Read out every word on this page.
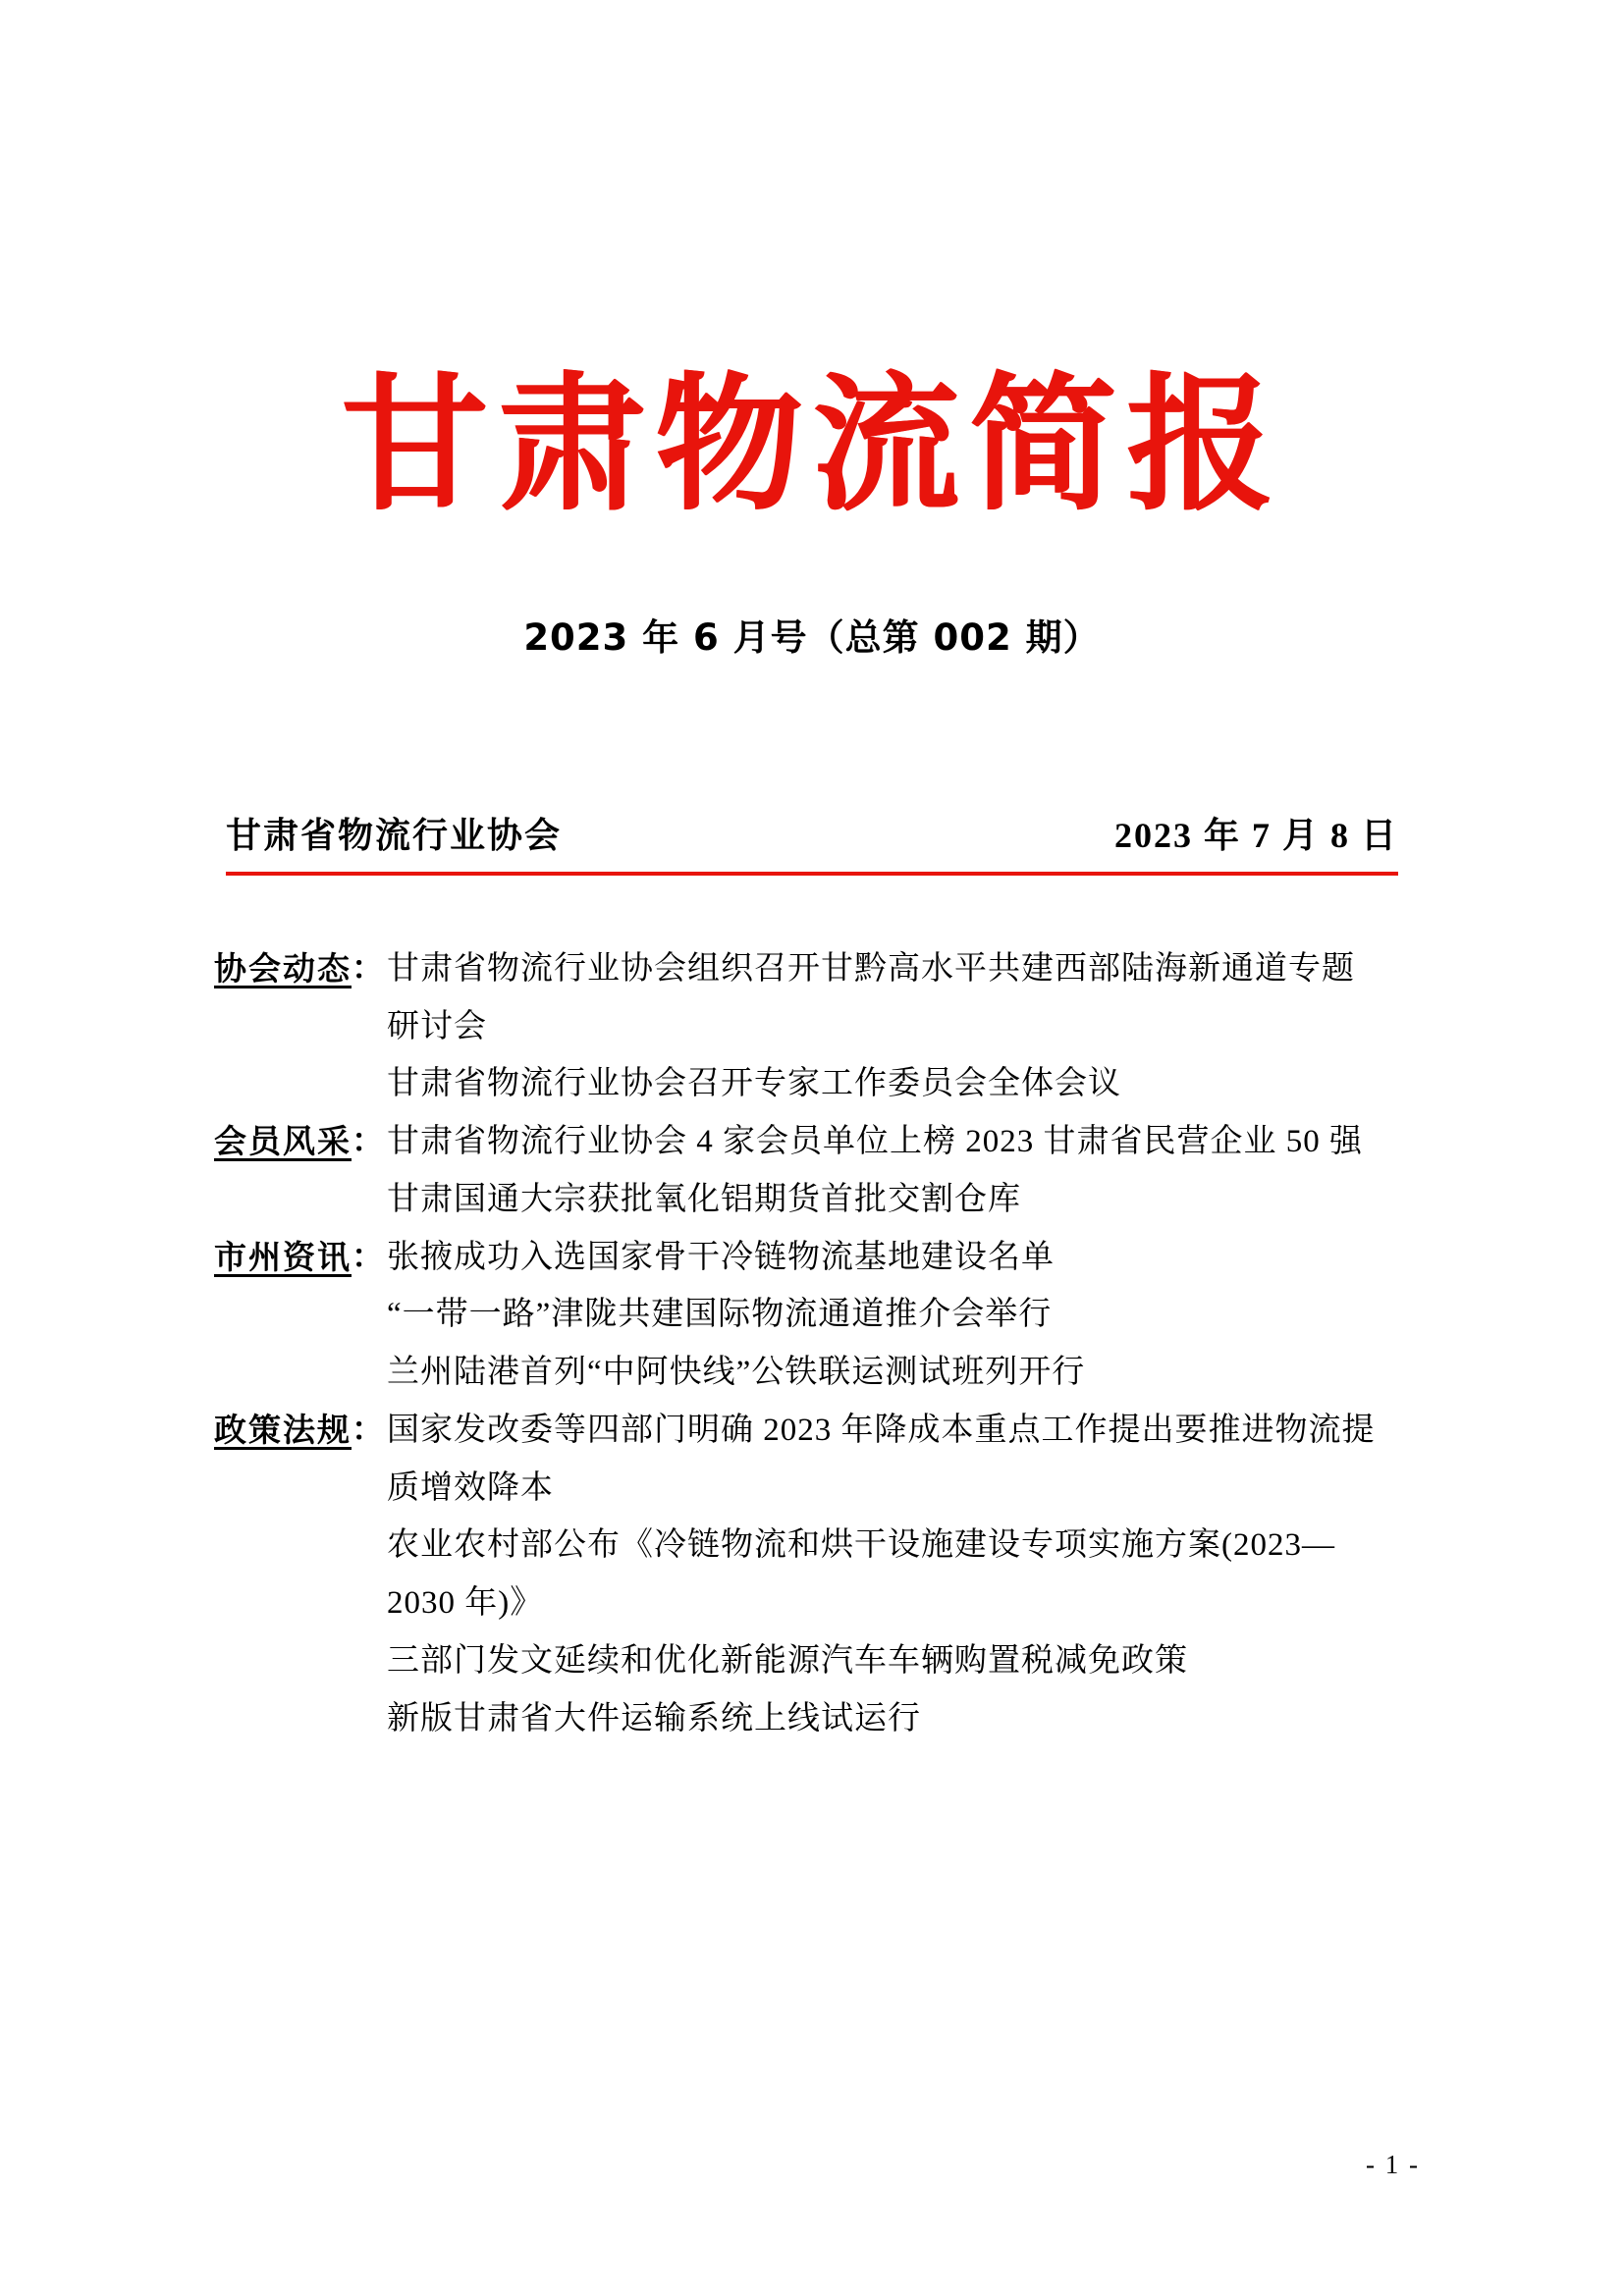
甘肃物流简报
2023 年 6 月号（总第 002 期）
甘肃省物流行业协会	2023 年 7 月 8 日
协会动态 ： 甘肃省物流行业协会组织召开甘黔高水平共建西部陆海新通道专题研讨会
甘肃省物流行业协会召开专家工作委员会全体会议
会员风采 ： 甘肃省物流行业协会 4 家会员单位上榜 2023 甘肃省民营企业 50 强
甘肃国通大宗获批氧化铝期货首批交割仓库
市州资讯 ： 张掖成功入选国家骨干冷链物流基地建设名单
“一带一路”津陇共建国际物流通道推介会举行
兰州陆港首列“中阿快线”公铁联运测试班列开行
政策法规 ： 国家发改委等四部门明确 2023 年降成本重点工作提出要推进物流提质增效降本
农业农村部公布《冷链物流和烘干设施建设专项实施方案(2023—2030 年)》
三部门发文延续和优化新能源汽车车辆购置税减免政策
新版甘肃省大件运输系统上线试运行
- 1 -
